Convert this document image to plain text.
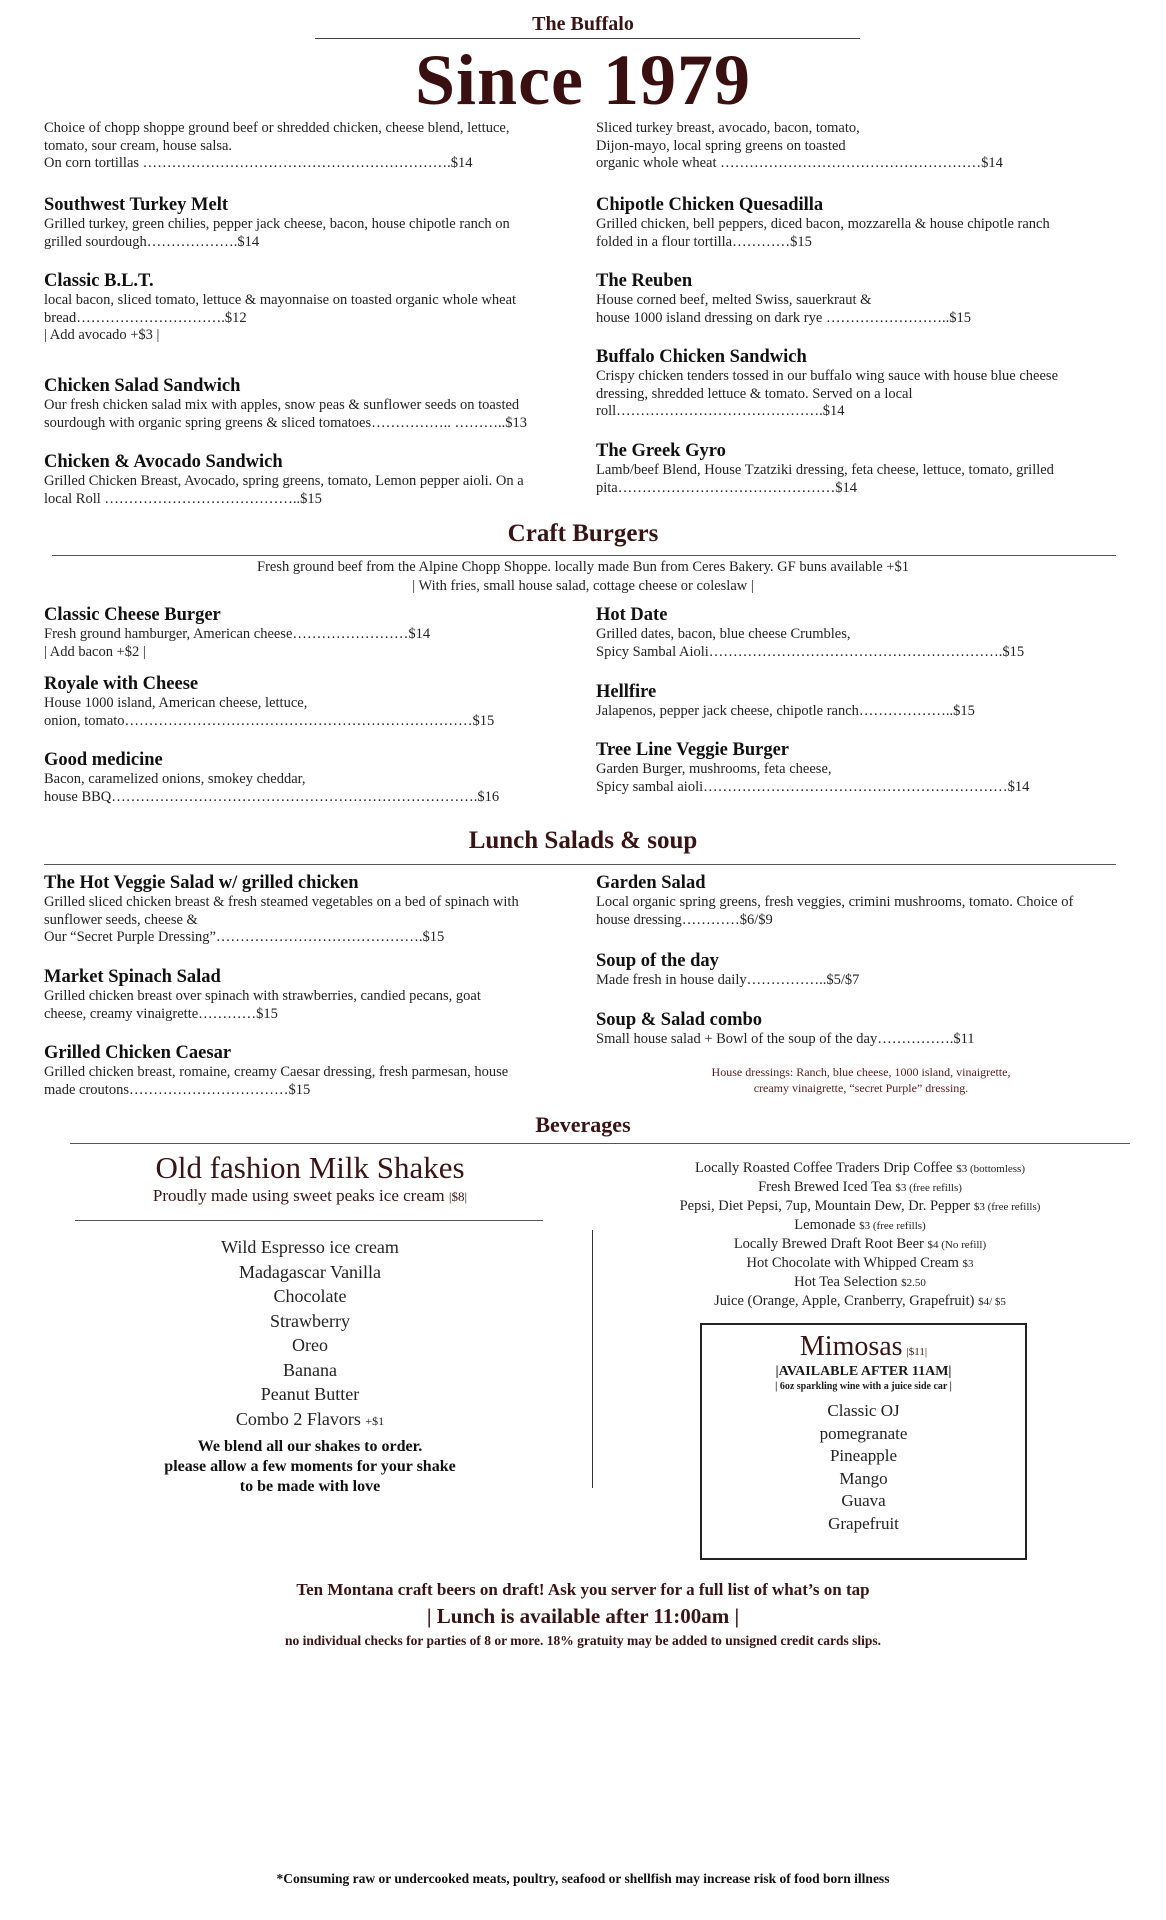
The Buffalo
Since 1979

Choice of chopp shoppe ground beef or shredded chicken, cheese blend, lettuce,

tomato, sour cream, house salsa.

On corn tortillas ……………………………………………………….$14

Southwest Turkey Melt

Grilled turkey, green chilies, pepper jack cheese, bacon, house chipotle ranch on

grilled sourdough……………….$14

Classic B.L.T.

local bacon, sliced tomato, lettuce & mayonnaise on toasted organic whole wheat

bread………………………….$12

| Add avocado +$3 |

Chicken Salad Sandwich

Our fresh chicken salad mix with apples, snow peas & sunflower seeds on toasted

sourdough with organic spring greens & sliced tomatoes…………….. ………..$13

Chicken & Avocado Sandwich

Grilled Chicken Breast, Avocado, spring greens, tomato, Lemon pepper aioli. On a

local Roll …………………………………..$15

Sliced turkey breast, avocado, bacon, tomato,

Dijon-mayo, local spring greens on toasted

organic whole wheat ………………………………………………$14

Chipotle Chicken Quesadilla

Grilled chicken, bell peppers, diced bacon, mozzarella & house chipotle ranch

folded in a flour tortilla…………$15

The Reuben

House corned beef, melted Swiss, sauerkraut &

house 1000 island dressing on dark rye ……………………..$15

Buffalo Chicken Sandwich

Crispy chicken tenders tossed in our buffalo wing sauce with house blue cheese

dressing, shredded lettuce & tomato. Served on a local

roll…………………………………….$14

The Greek Gyro

Lamb/beef Blend, House Tzatziki dressing, feta cheese, lettuce, tomato, grilled

pita………………………………………$14

Craft Burgers
Fresh ground beef from the Alpine Chopp Shoppe. locally made Bun from Ceres Bakery. GF buns available +$1
| With fries, small house salad, cottage cheese or coleslaw |
Classic Cheese Burger

Fresh ground hamburger, American cheese……………………$14

| Add bacon +$2 |

Royale with Cheese

House 1000 island, American cheese, lettuce,

onion, tomato………………………………………………………………$15

Good medicine

Bacon, caramelized onions, smokey cheddar,

house BBQ………………………………………………………………….$16

Hot Date

Grilled dates, bacon, blue cheese Crumbles,

Spicy Sambal Aioli…………………………………………………….$15

Hellfire

Jalapenos, pepper jack cheese, chipotle ranch………………..$15

Tree Line Veggie Burger

Garden Burger, mushrooms, feta cheese,

Spicy sambal aioli………………………………………………………$14

Lunch Salads & soup
The Hot Veggie Salad w/ grilled chicken

Grilled sliced chicken breast & fresh steamed vegetables on a bed of spinach with

sunflower seeds, cheese &

Our “Secret Purple Dressing”…………………………………….$15

Market Spinach Salad

Grilled chicken breast over spinach with strawberries, candied pecans, goat

cheese, creamy vinaigrette…………$15

Grilled Chicken Caesar

Grilled chicken breast, romaine, creamy Caesar dressing, fresh parmesan, house

made croutons……………………………$15

Garden Salad

Local organic spring greens, fresh veggies, crimini mushrooms, tomato. Choice of

house dressing…………$6/$9

Soup of the day

Made fresh in house daily……………..$5/$7

Soup & Salad combo

Small house salad + Bowl of the soup of the day…………….$11

House dressings: Ranch, blue cheese, 1000 island, vinaigrette,
creamy vinaigrette, “secret Purple” dressing.
Beverages
Old fashion Milk Shakes
Proudly made using sweet peaks ice cream |$8|
Wild Espresso ice cream
Madagascar Vanilla
Chocolate
Strawberry
Oreo
Banana
Peanut Butter
Combo 2 Flavors +$1
We blend all our shakes to order.
please allow a few moments for your shake
to be made with love
Locally Roasted Coffee Traders Drip Coffee $3 (bottomless)
Fresh Brewed Iced Tea $3 (free refills)
Pepsi, Diet Pepsi, 7up, Mountain Dew, Dr. Pepper $3 (free refills)
Lemonade $3 (free refills)
Locally Brewed Draft Root Beer $4 (No refill)
Hot Chocolate with Whipped Cream $3
Hot Tea Selection $2.50
Juice (Orange, Apple, Cranberry, Grapefruit) $4/ $5
Mimosas |$11|
|AVAILABLE AFTER 11AM|
| 6oz sparkling wine with a juice side car |
Classic OJ
pomegranate
Pineapple
Mango
Guava
Grapefruit
Ten Montana craft beers on draft! Ask you server for a full list of what’s on tap
| Lunch is available after 11:00am |
no individual checks for parties of 8 or more. 18% gratuity may be added to unsigned credit cards slips.
*Consuming raw or undercooked meats, poultry, seafood or shellfish may increase risk of food born illness
